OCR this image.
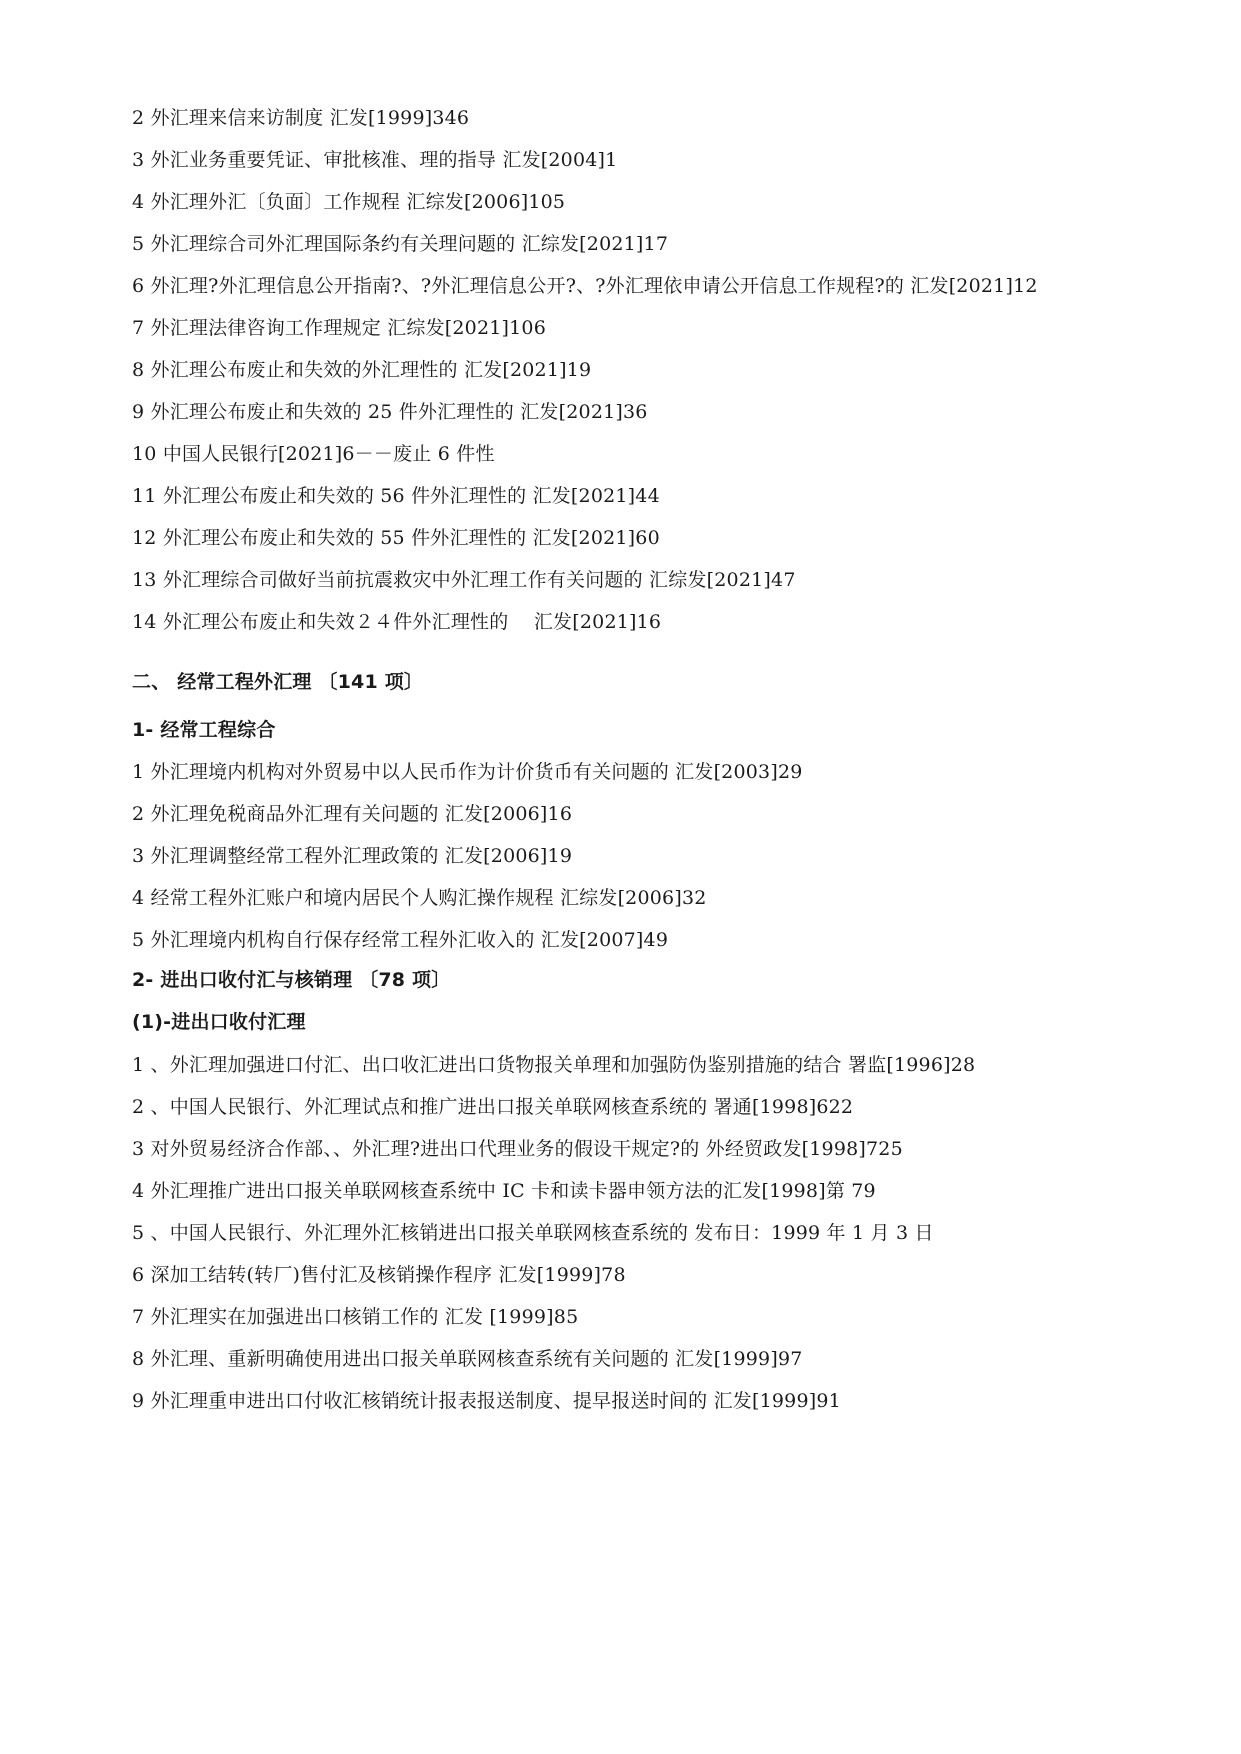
2 外汇理来信来访制度 汇发[1999]346
3 外汇业务重要凭证、审批核准、理的指导 汇发[2004]1
4 外汇理外汇〔负面〕工作规程 汇综发[2006]105
5 外汇理综合司外汇理国际条约有关理问题的 汇综发[2021]17
6 外汇理?外汇理信息公开指南?、?外汇理信息公开?、?外汇理依申请公开信息工作规程?的 汇发[2021]12
7 外汇理法律咨询工作理规定 汇综发[2021]106
8 外汇理公布废止和失效的外汇理性的 汇发[2021]19
9 外汇理公布废止和失效的 25 件外汇理性的 汇发[2021]36
10 中国人民银行[2021]6－－废止 6 件性
11 外汇理公布废止和失效的 56 件外汇理性的 汇发[2021]44
12 外汇理公布废止和失效的 55 件外汇理性的 汇发[2021]60
13 外汇理综合司做好当前抗震救灾中外汇理工作有关问题的 汇综发[2021]47
14 外汇理公布废止和失效２４件外汇理性的　 汇发[2021]16
二、 经常工程外汇理 〔141 项〕
1- 经常工程综合
1 外汇理境内机构对外贸易中以人民币作为计价货币有关问题的 汇发[2003]29
2 外汇理免税商品外汇理有关问题的 汇发[2006]16
3 外汇理调整经常工程外汇理政策的 汇发[2006]19
4 经常工程外汇账户和境内居民个人购汇操作规程 汇综发[2006]32
5 外汇理境内机构自行保存经常工程外汇收入的 汇发[2007]49
2- 进出口收付汇与核销理 〔78 项〕
(1)-进出口收付汇理
1 、外汇理加强进口付汇、出口收汇进出口货物报关单理和加强防伪鉴别措施的结合 署监[1996]28
2 、中国人民银行、外汇理试点和推广进出口报关单联网核查系统的 署通[1998]622
3 对外贸易经济合作部、、外汇理?进出口代理业务的假设干规定?的 外经贸政发[1998]725
4 外汇理推广进出口报关单联网核查系统中 IC 卡和读卡器申领方法的汇发[1998]第 79
5 、中国人民银行、外汇理外汇核销进出口报关单联网核查系统的 发布日：1999 年 1 月 3 日
6 深加工结转(转厂)售付汇及核销操作程序 汇发[1999]78
7 外汇理实在加强进出口核销工作的 汇发 [1999]85
8 外汇理、重新明确使用进出口报关单联网核查系统有关问题的 汇发[1999]97
9 外汇理重申进出口付收汇核销统计报表报送制度、提早报送时间的 汇发[1999]91
